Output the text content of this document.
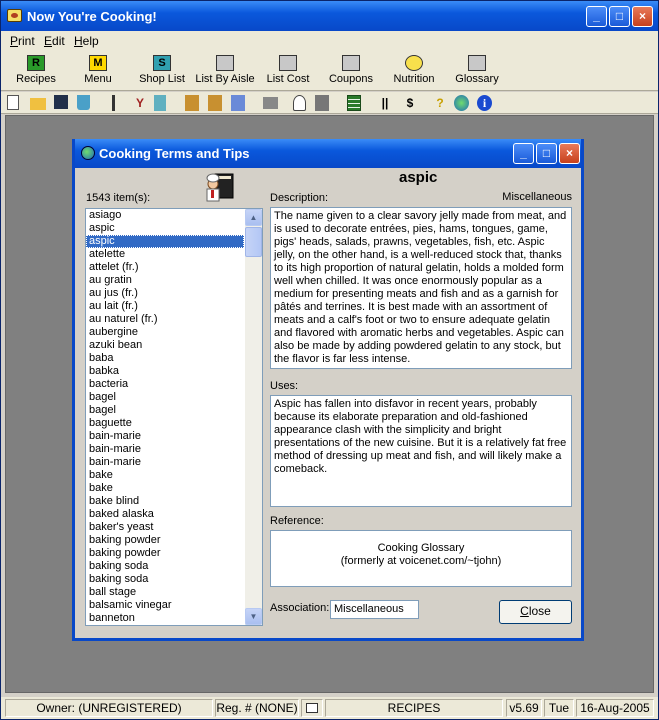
Now You're Cooking!	_	□	×
Print Edit Help
R
Recipes
M
Menu
S
Shop List List By Aisle	List Cost	Coupons	Nutrition	Glossary
Y	||	$	?	i
Owner: (UNREGISTERED)	Reg. # (NONE)	RECIPES	v5.69 Tue 16-Aug-2005
Cooking Terms and Tips	_	□	×
1543 item(s):
asiago
aspic
aspic
atelette
attelet (fr.)
au gratin
au jus (fr.)
au lait (fr.)
au naturel (fr.)
aubergine
azuki bean
baba
babka
bacteria
bagel
bagel
baguette
bain-marie
bain-marie
bain-marie
bake
bake
bake blind
baked alaska
baker's yeast
baking powder
baking powder
baking soda
baking soda
ball stage
balsamic vinegar
banneton
▲
▼
aspic
Description:	Miscellaneous
The name given to a clear savory jelly made from meat, and is used to decorate entrées, pies, hams, tongues, game, pigs' heads, salads, prawns, vegetables, fish, etc. Aspic jelly, on the other hand, is a well-reduced stock that, thanks to its high proportion of natural gelatin, holds a molded form well when chilled. It was once enormously popular as a medium for presenting meats and fish and as a garnish for pâtés and terrines. It is best made with an assortment of meats and a calf's foot or two to ensure adequate gelatin and flavored with aromatic herbs and vegetables. Aspic can also be made by adding powdered gelatin to any stock, but the flavor is far less intense.
Uses:
Aspic has fallen into disfavor in recent years, probably because its elaborate preparation and old-fashioned appearance clash with the simplicity and bright presentations of the new cuisine. But it is a relatively fat free method of dressing up meat and fish, and will likely make a comeback.
Reference:
Cooking Glossary
(formerly at voicenet.com/~tjohn)
Association: Miscellaneous	Close
